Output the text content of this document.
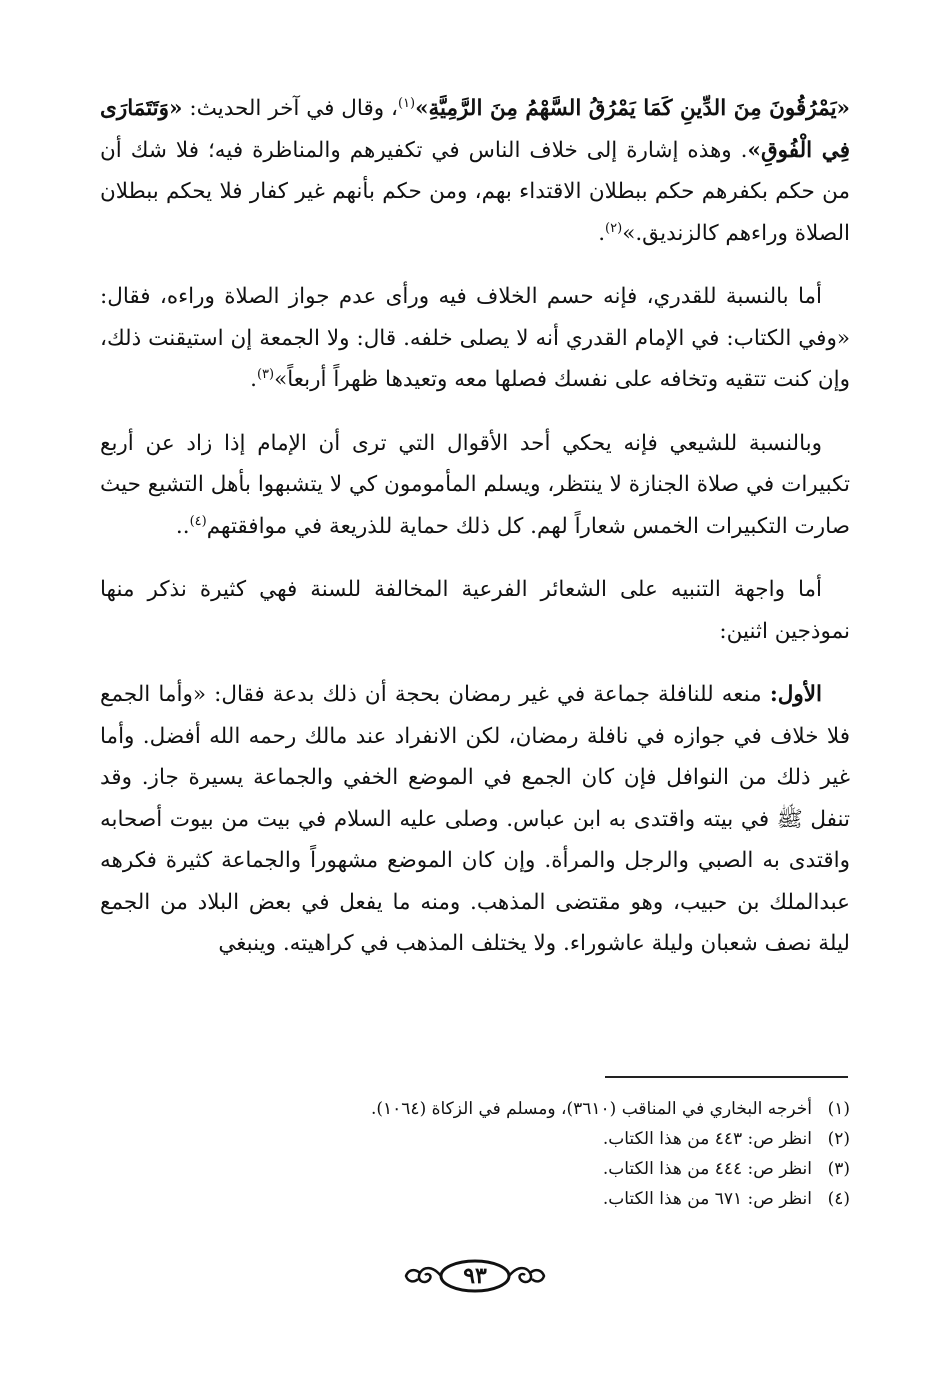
«يَمْرُقُونَ مِنَ الدِّينِ كَمَا يَمْرُقُ السَّهْمُ مِنَ الرَّمِيَّةِ»$^{(١)}$، وقال في آخر الحديث: «وَتَتَمَارَى فِي الْفُوقِ». وهذه إشارة إلى خلاف الناس في تكفيرهم والمناظرة فيه؛ فلا شك أن من حكم بكفرهم حكم ببطلان الاقتداء بهم، ومن حكم بأنهم غير كفار فلا يحكم ببطلان الصلاة وراءهم كالزنديق.»$^{(٢)}$.

أما بالنسبة للقدري، فإنه حسم الخلاف فيه ورأى عدم جواز الصلاة وراءه، فقال: «وفي الكتاب: في الإمام القدري أنه لا يصلى خلفه. قال: ولا الجمعة إن استيقنت ذلك، وإن كنت تتقيه وتخافه على نفسك فصلها معه وتعيدها ظهراً أربعاً»$^{(٣)}$.

وبالنسبة للشيعي فإنه يحكي أحد الأقوال التي ترى أن الإمام إذا زاد عن أربع تكبيرات في صلاة الجنازة لا ينتظر، ويسلم المأمومون كي لا يتشبهوا بأهل التشيع حيث صارت التكبيرات الخمس شعاراً لهم. كل ذلك حماية للذريعة في موافقتهم$^{(٤)}$..

أما واجهة التنبيه على الشعائر الفرعية المخالفة للسنة فهي كثيرة نذكر منها نموذجين اثنين:

الأول: منعه للنافلة جماعة في غير رمضان بحجة أن ذلك بدعة فقال: «وأما الجمع فلا خلاف في جوازه في نافلة رمضان، لكن الانفراد عند مالك رحمه الله أفضل. وأما غير ذلك من النوافل فإن كان الجمع في الموضع الخفي والجماعة يسيرة جاز. وقد تنفل ﷺ في بيته واقتدى به ابن عباس. وصلى عليه السلام في بيت من بيوت أصحابه واقتدى به الصبي والرجل والمرأة. وإن كان الموضع مشهوراً والجماعة كثيرة فكرهه عبدالملك بن حبيب، وهو مقتضى المذهب. ومنه ما يفعل في بعض البلاد من الجمع ليلة نصف شعبان وليلة عاشوراء. ولا يختلف المذهب في كراهيته. وينبغي

(١)
أخرجه البخاري في المناقب (٣٦١٠)، ومسلم في الزكاة (١٠٦٤).

(٢)
انظر ص: ٤٤٣ من هذا الكتاب.

(٣)
انظر ص: ٤٤٤ من هذا الكتاب.

(٤)
انظر ص: ٦٧١ من هذا الكتاب.

٩٣
